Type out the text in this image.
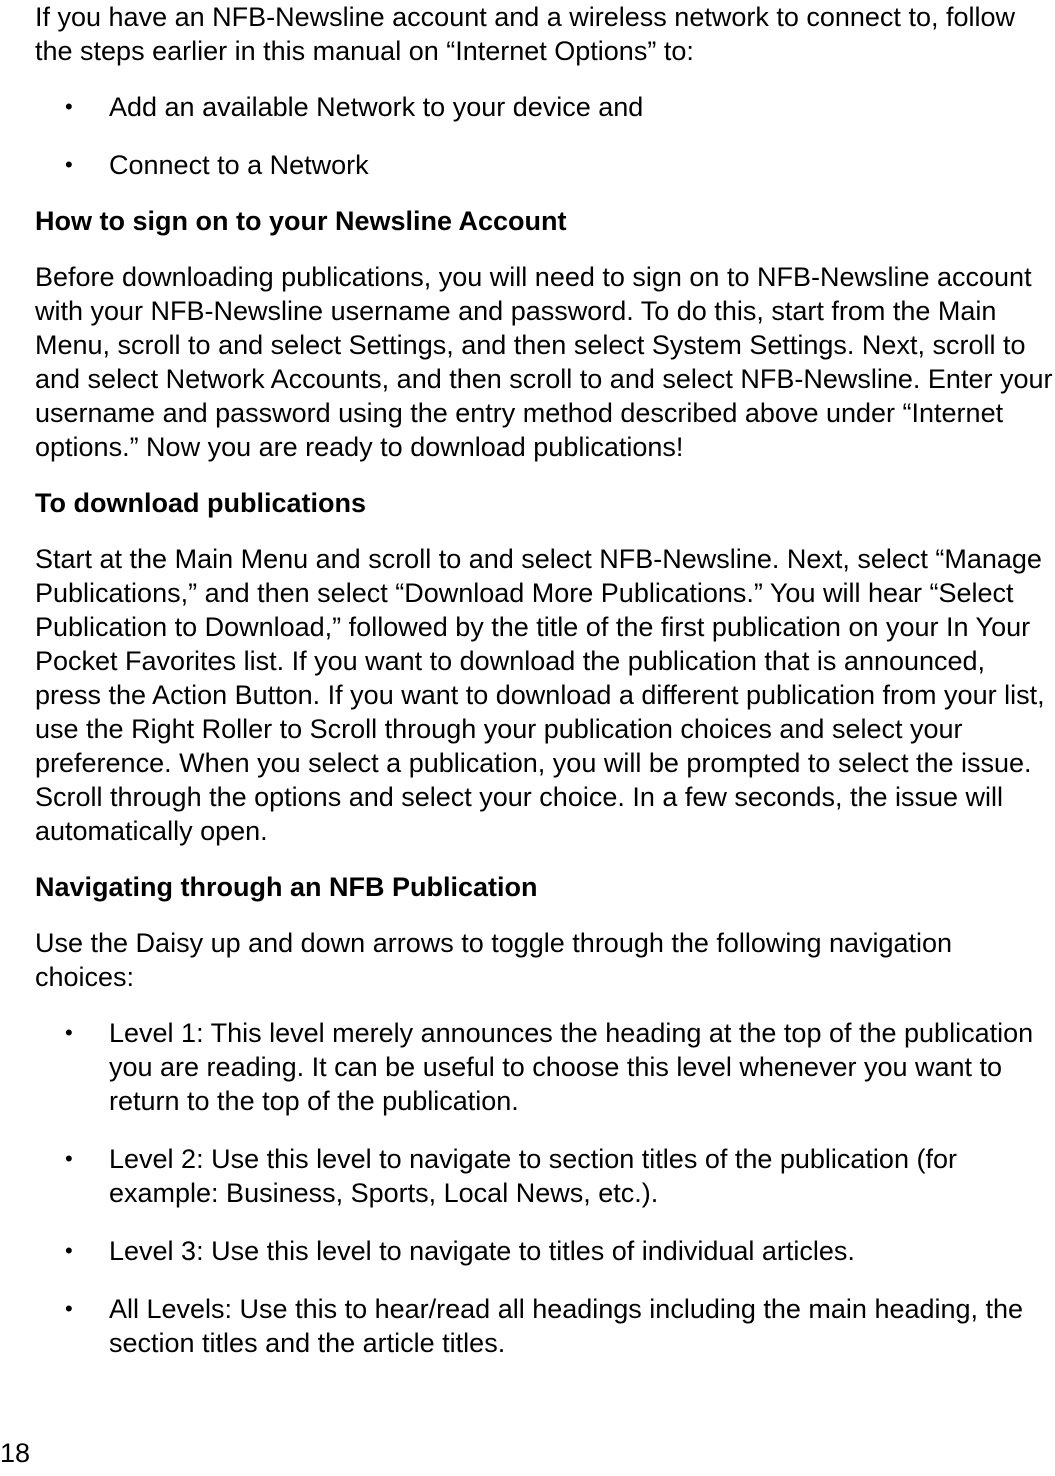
If you have an NFB-Newsline account and a wireless network to connect to, follow the steps earlier in this manual on “Internet Options” to:

• Add an available Network to your device and
• Connect to a Network
How to sign on to your Newsline Account

Before downloading publications, you will need to sign on to NFB-Newsline account with your NFB-Newsline username and password. To do this, start from the Main Menu, scroll to and select Settings, and then select System Settings. Next, scroll to and select Network Accounts, and then scroll to and select NFB-Newsline. Enter your username and password using the entry method described above under “Internet options.” Now you are ready to download publications!

To download publications

Start at the Main Menu and scroll to and select NFB-Newsline. Next, select “Manage Publications,” and then select “Download More Publications.” You will hear “Select Publication to Download,” followed by the title of the first publication on your In Your Pocket Favorites list. If you want to download the publication that is announced, press the Action Button. If you want to download a different publication from your list, use the Right Roller to Scroll through your publication choices and select your preference. When you select a publication, you will be prompted to select the issue. Scroll through the options and select your choice. In a few seconds, the issue will automatically open.

Navigating through an NFB Publication

Use the Daisy up and down arrows to toggle through the following navigation choices:

• Level 1: This level merely announces the heading at the top of the publication you are reading. It can be useful to choose this level whenever you want to return to the top of the publication.
• Level 2: Use this level to navigate to section titles of the publication (for example: Business, Sports, Local News, etc.).
• Level 3: Use this level to navigate to titles of individual articles.
• All Levels: Use this to hear/read all headings including the main heading, the section titles and the article titles.
18
